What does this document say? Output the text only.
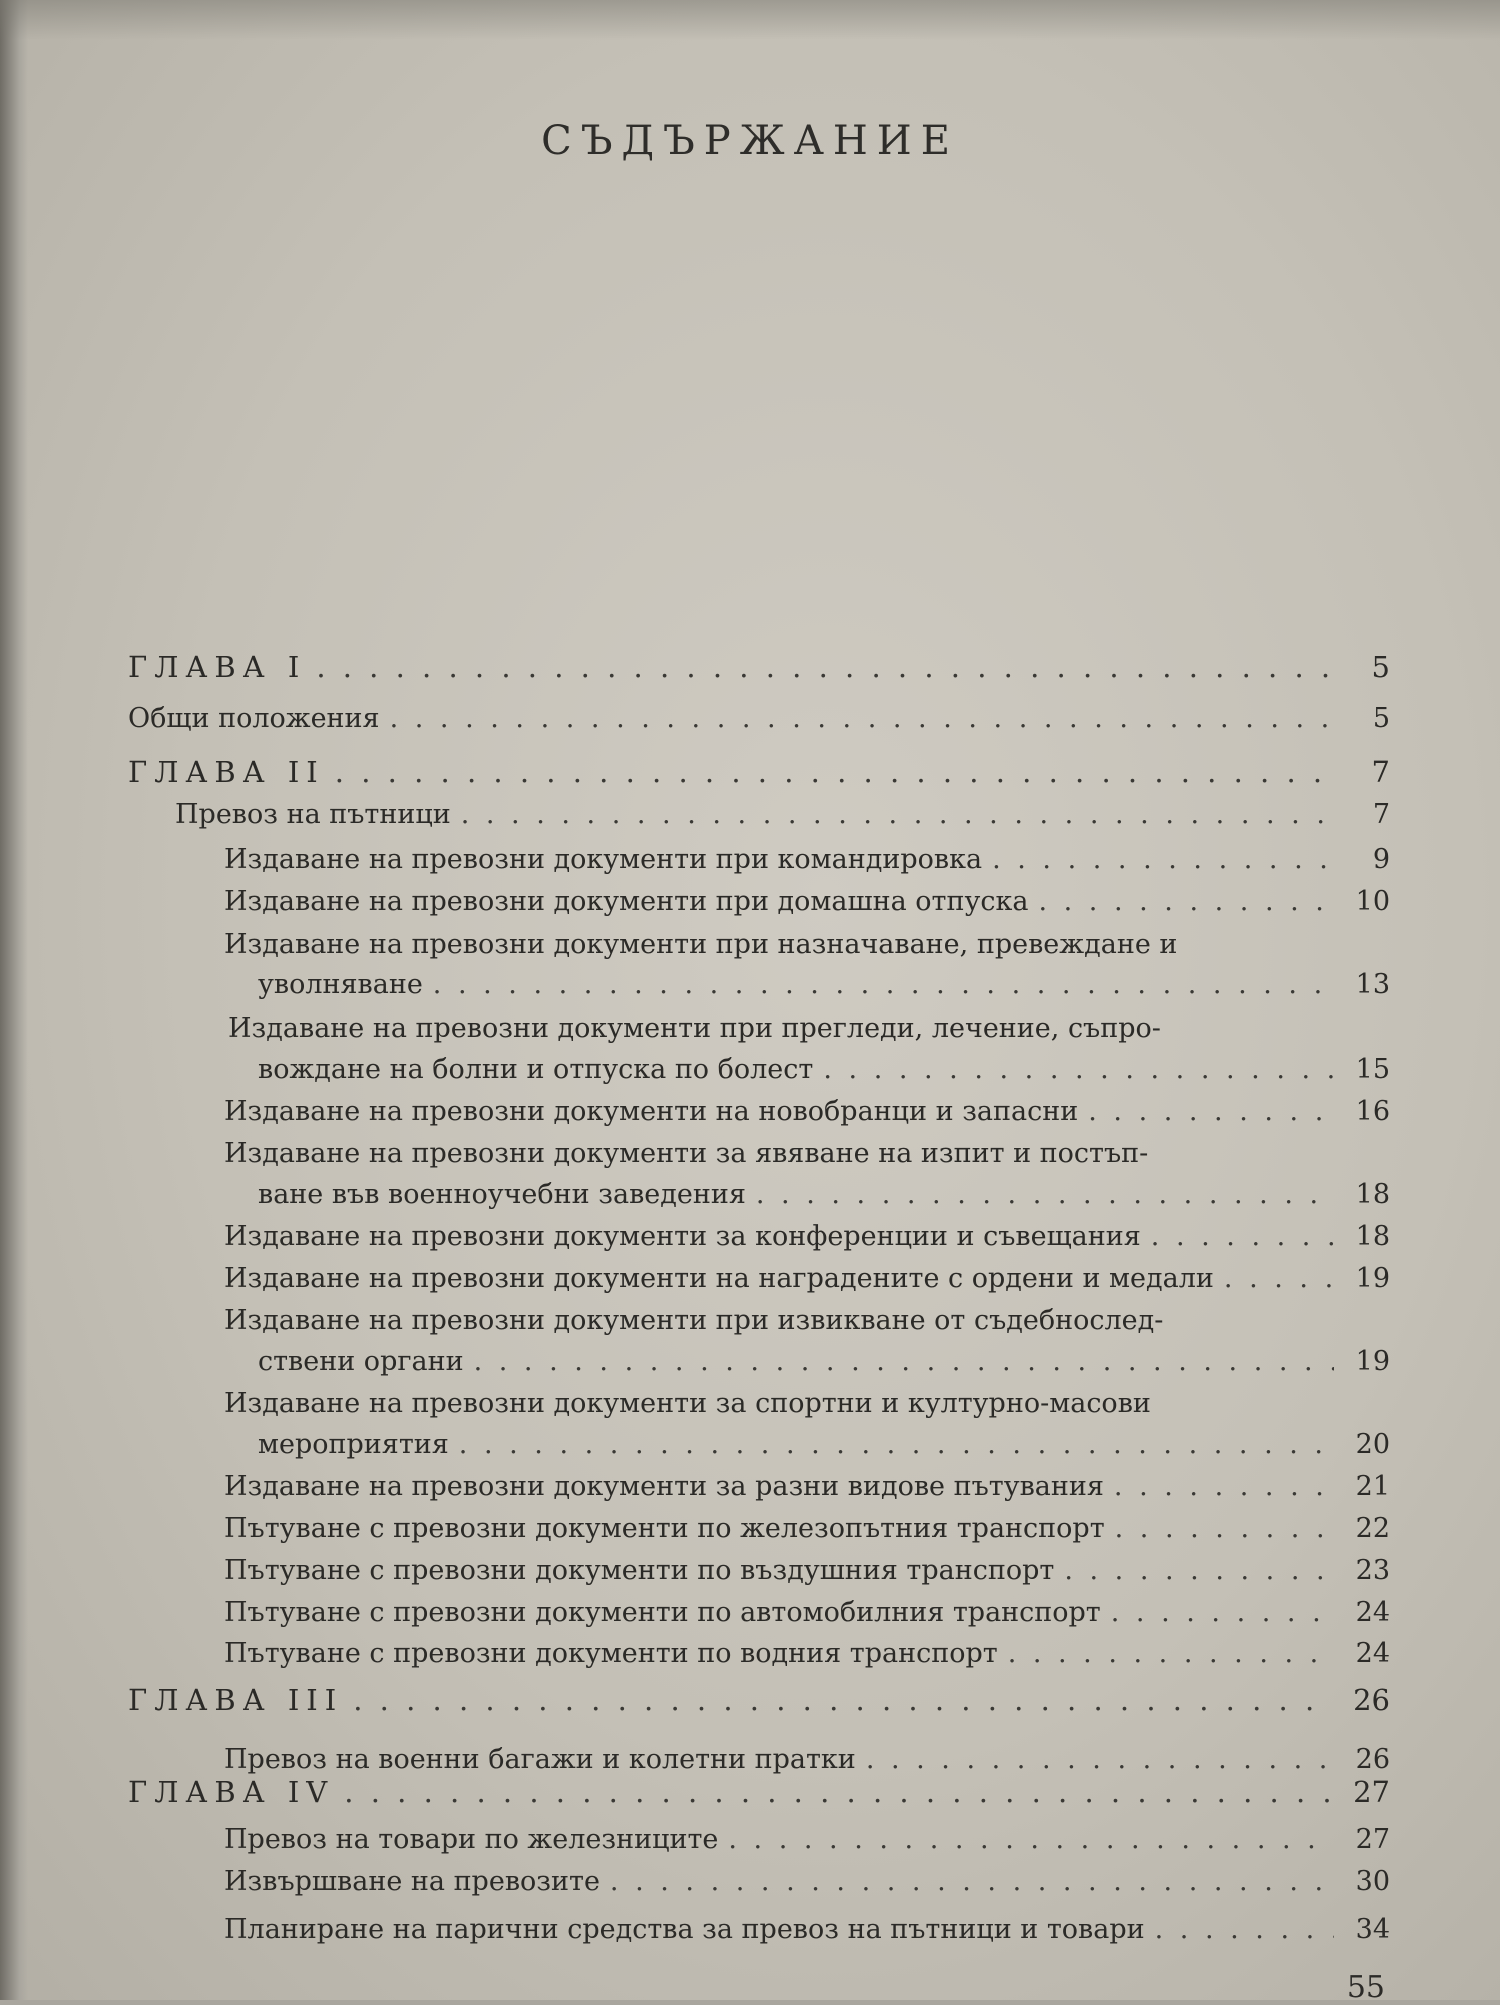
СЪДЪРЖАНИЕ
ГЛАВА I . . .	5
Общи положения . . .	5
ГЛАВА II . . .	7
Превоз на пътници . . .	7
Издаване на превозни документи при командировка . . .	9
Издаване на превозни документи при домашна отпуска . . .	10
Издаване на превозни документи при назначаване, превеждане и
уволняване . . .	13
Издаване на превозни документи при прегледи, лечение, съпро-
вождане на болни и отпуска по болест . . .	15
Издаване на превозни документи на новобранци и запасни . . .	16
Издаване на превозни документи за явяване на изпит и постъп-
ване във военноучебни заведения . . .	18
Издаване на превозни документи за конференции и съвещания . . .	18
Издаване на превозни документи на наградените с ордени и медали . . .	19
Издаване на превозни документи при извикване от съдебнослед-
ствени органи . . .	19
Издаване на превозни документи за спортни и културно-масови
мероприятия . . .	20
Издаване на превозни документи за разни видове пътувания . . .	21
Пътуване с превозни документи по железопътния транспорт . . .	22
Пътуване с превозни документи по въздушния транспорт . . .	23
Пътуване с превозни документи по автомобилния транспорт . . .	24
Пътуване с превозни документи по водния транспорт . . .	24
ГЛАВА III . . .	26
Превоз на военни багажи и колетни пратки . . .	26
ГЛАВА IV . . .	27
Превоз на товари по железниците . . .	27
Извършване на превозите . . .	30
Планиране на парични средства за превоз на пътници и товари . . .	34
55
